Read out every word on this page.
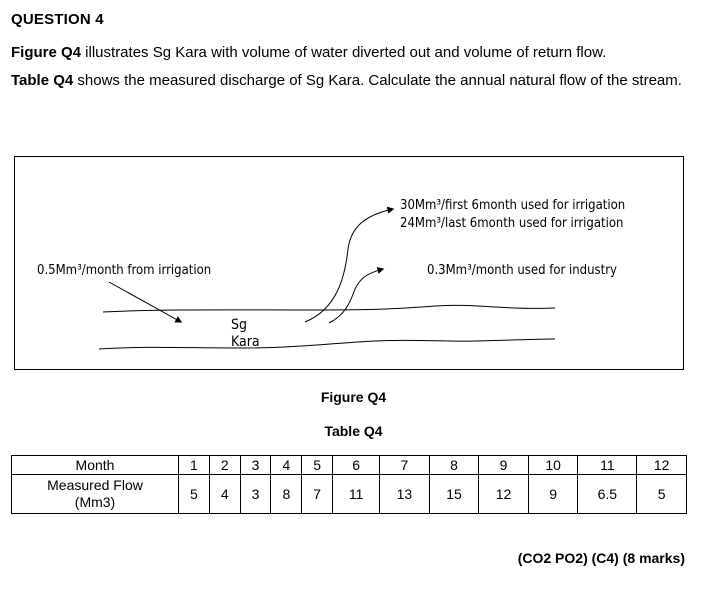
QUESTION 4
Figure Q4 illustrates Sg Kara with volume of water diverted out and volume of return flow.
Table Q4 shows the measured discharge of Sg Kara. Calculate the annual natural flow of the stream.
0.5Mm³/month from irrigation
30Mm³/first 6month used for irrigation
24Mm³/last 6month used for irrigation
0.3Mm³/month used for industry
Sg
Kara
Figure Q4
Table Q4
Month	1	2	3	4	5	6	7	8	9	10	11	12
Measured Flow
(Mm3)	5	4	3	8	7	11	13	15	12	9	6.5	5
(CO2 PO2) (C4) (8 marks)
